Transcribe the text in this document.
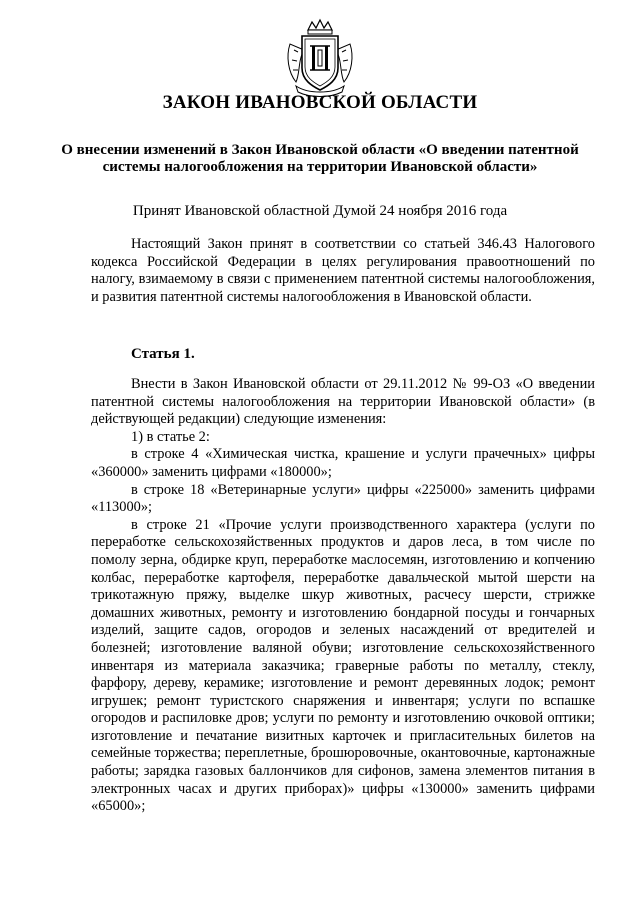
ЗАКОН ИВАНОВСКОЙ ОБЛАСТИ
О внесении изменений в Закон Ивановской области «О введении патентной системы налогообложения на территории Ивановской области»
Принят Ивановской областной Думой 24 ноября 2016 года

Настоящий Закон принят в соответствии со статьей 346.43 Налогового кодекса Российской Федерации в целях регулирования правоотношений по налогу, взимаемому в связи с применением патентной системы налогообложения, и развития патентной системы налогообложения в Ивановской области.

Статья 1.

Внести в Закон Ивановской области от 29.11.2012 № 99-ОЗ «О введении патентной системы налогообложения на территории Ивановской области» (в действующей редакции) следующие изменения:

1) в статье 2:

в строке 4 «Химическая чистка, крашение и услуги прачечных» цифры «360000» заменить цифрами «180000»;

в строке 18 «Ветеринарные услуги» цифры «225000» заменить цифрами «113000»;

в строке 21 «Прочие услуги производственного характера (услуги по переработке сельскохозяйственных продуктов и даров леса, в том числе по помолу зерна, обдирке круп, переработке маслосемян, изготовлению и копчению колбас, переработке картофеля, переработке давальческой мытой шерсти на трикотажную пряжу, выделке шкур животных, расчесу шерсти, стрижке домашних животных, ремонту и изготовлению бондарной посуды и гончарных изделий, защите садов, огородов и зеленых насаждений от вредителей и болезней; изготовление валяной обуви; изготовление сельскохозяйственного инвентаря из материала заказчика; граверные работы по металлу, стеклу, фарфору, дереву, керамике; изготовление и ремонт деревянных лодок; ремонт игрушек; ремонт туристского снаряжения и инвентаря; услуги по вспашке огородов и распиловке дров; услуги по ремонту и изготовлению очковой оптики; изготовление и печатание визитных карточек и пригласительных билетов на семейные торжества; переплетные, брошюровочные, окантовочные, картонажные работы; зарядка газовых баллончиков для сифонов, замена элементов питания в электронных часах и других приборах)» цифры «130000» заменить цифрами «65000»;
